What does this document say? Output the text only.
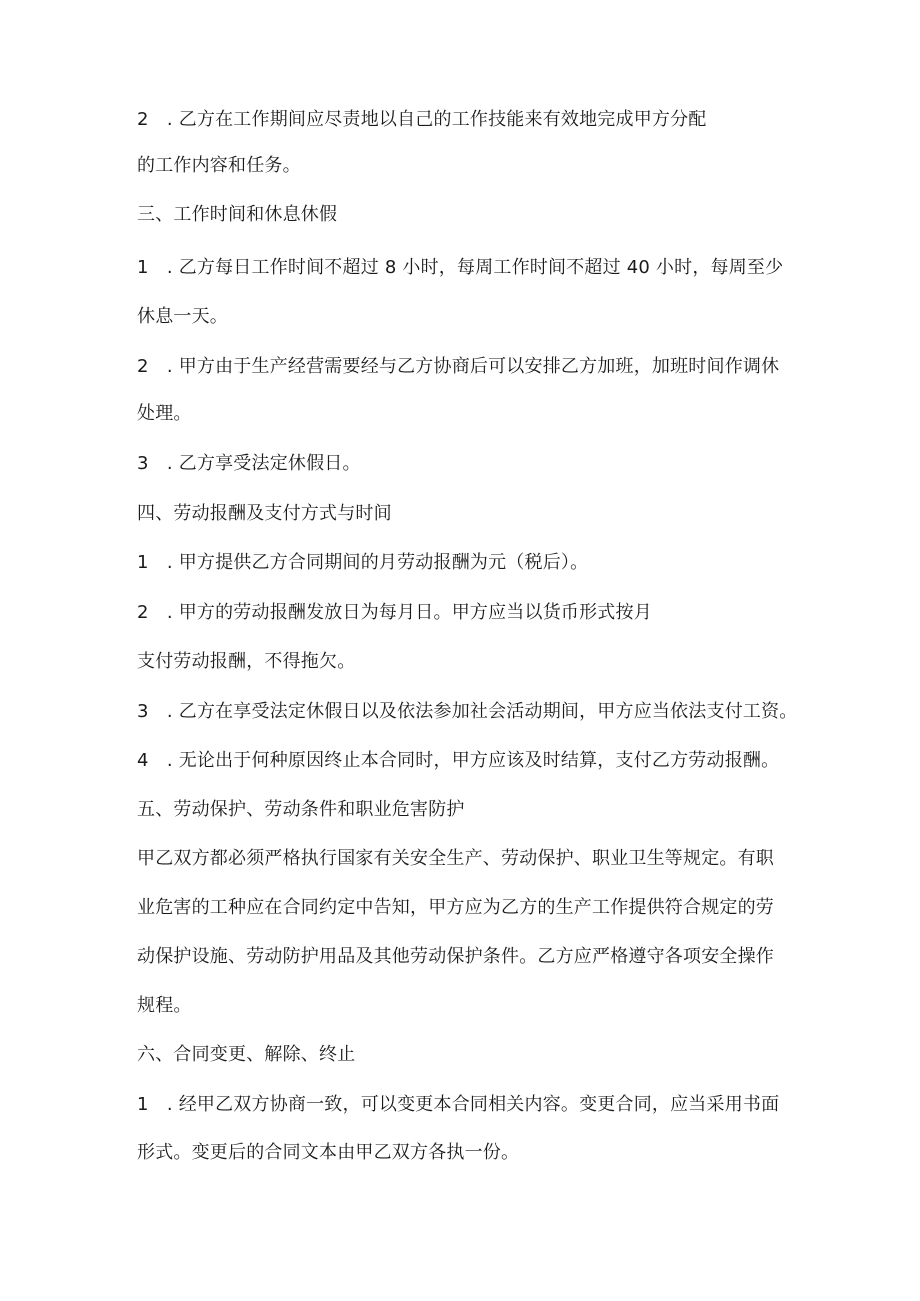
2　. 乙方在工作期间应尽责地以自己的工作技能来有效地完成甲方分配
的工作内容和任务。
三、工作时间和休息休假
1　. 乙方每日工作时间不超过 8 小时，每周工作时间不超过 40 小时，每周至少
休息一天。
2　. 甲方由于生产经营需要经与乙方协商后可以安排乙方加班，加班时间作调休
处理。
3　. 乙方享受法定休假日。
四、劳动报酬及支付方式与时间
1　. 甲方提供乙方合同期间的月劳动报酬为元（税后）。
2　. 甲方的劳动报酬发放日为每月日。甲方应当以货币形式按月
支付劳动报酬，不得拖欠。
3　. 乙方在享受法定休假日以及依法参加社会活动期间，甲方应当依法支付工资。
4　. 无论出于何种原因终止本合同时，甲方应该及时结算，支付乙方劳动报酬。
五、劳动保护、劳动条件和职业危害防护
甲乙双方都必须严格执行国家有关安全生产、劳动保护、职业卫生等规定。有职
业危害的工种应在合同约定中告知，甲方应为乙方的生产工作提供符合规定的劳
动保护设施、劳动防护用品及其他劳动保护条件。乙方应严格遵守各项安全操作
规程。
六、合同变更、解除、终止
1　. 经甲乙双方协商一致，可以变更本合同相关内容。变更合同，应当采用书面
形式。变更后的合同文本由甲乙双方各执一份。
